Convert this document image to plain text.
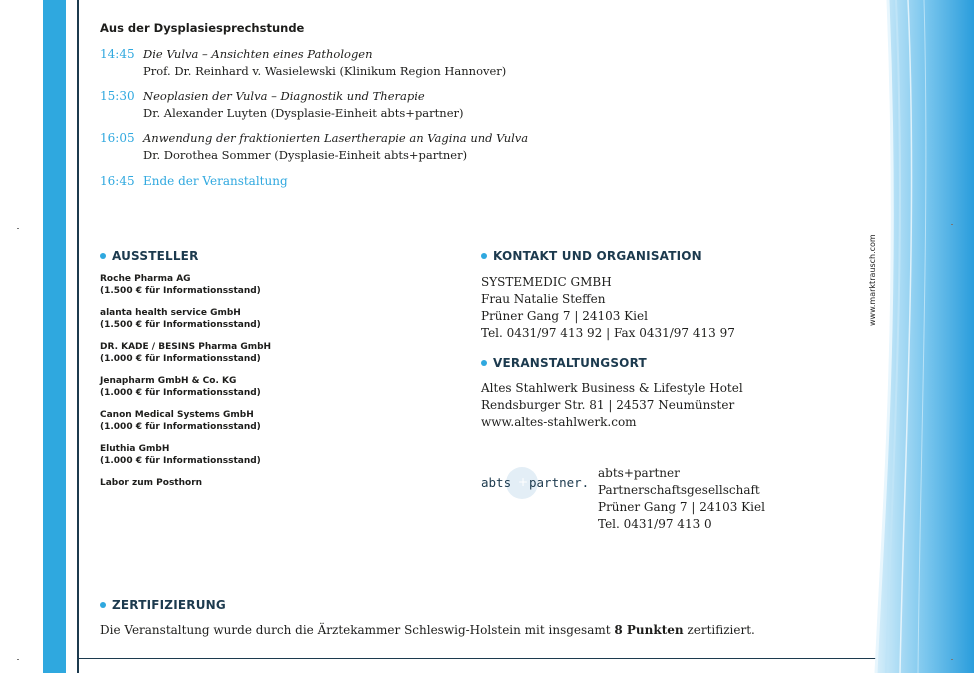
www.marktrausch.com
Aus der Dysplasiesprechstunde
14:45 Die Vulva – Ansichten eines Pathologen
Prof. Dr. Reinhard v. Wasielewski (Klinikum Region Hannover)
15:30 Neoplasien der Vulva – Diagnostik und Therapie
Dr. Alexander Luyten (Dysplasie-Einheit abts+partner)
16:05 Anwendung der fraktionierten Lasertherapie an Vagina und Vulva
Dr. Dorothea Sommer (Dysplasie-Einheit abts+partner)
16:45 Ende der Veranstaltung
AUSSTELLER
Roche Pharma AG
(1.500 € für Informationsstand)
alanta health service GmbH
(1.500 € für Informationsstand)
DR. KADE / BESINS Pharma GmbH
(1.000 € für Informationsstand)
Jenapharm GmbH & Co. KG
(1.000 € für Informationsstand)
Canon Medical Systems GmbH
(1.000 € für Informationsstand)
Eluthia GmbH
(1.000 € für Informationsstand)
Labor zum Posthorn
KONTAKT UND ORGANISATION
SYSTEMEDIC GMBH
Frau Natalie Steffen
Prüner Gang 7 | 24103 Kiel
Tel. 0431/97 413 92 | Fax 0431/97 413 97
VERANSTALTUNGSORT
Altes Stahlwerk Business & Lifestyle Hotel
Rendsburger Str. 81 | 24537 Neumünster
www.altes-stahlwerk.com
abts + partner.
abts+partner
Partnerschaftsgesellschaft
Prüner Gang 7 | 24103 Kiel
Tel. 0431/97 413 0
ZERTIFIZIERUNG
Die Veranstaltung wurde durch die Ärztekammer Schleswig-Holstein mit insgesamt 8 Punkten zertifiziert.
